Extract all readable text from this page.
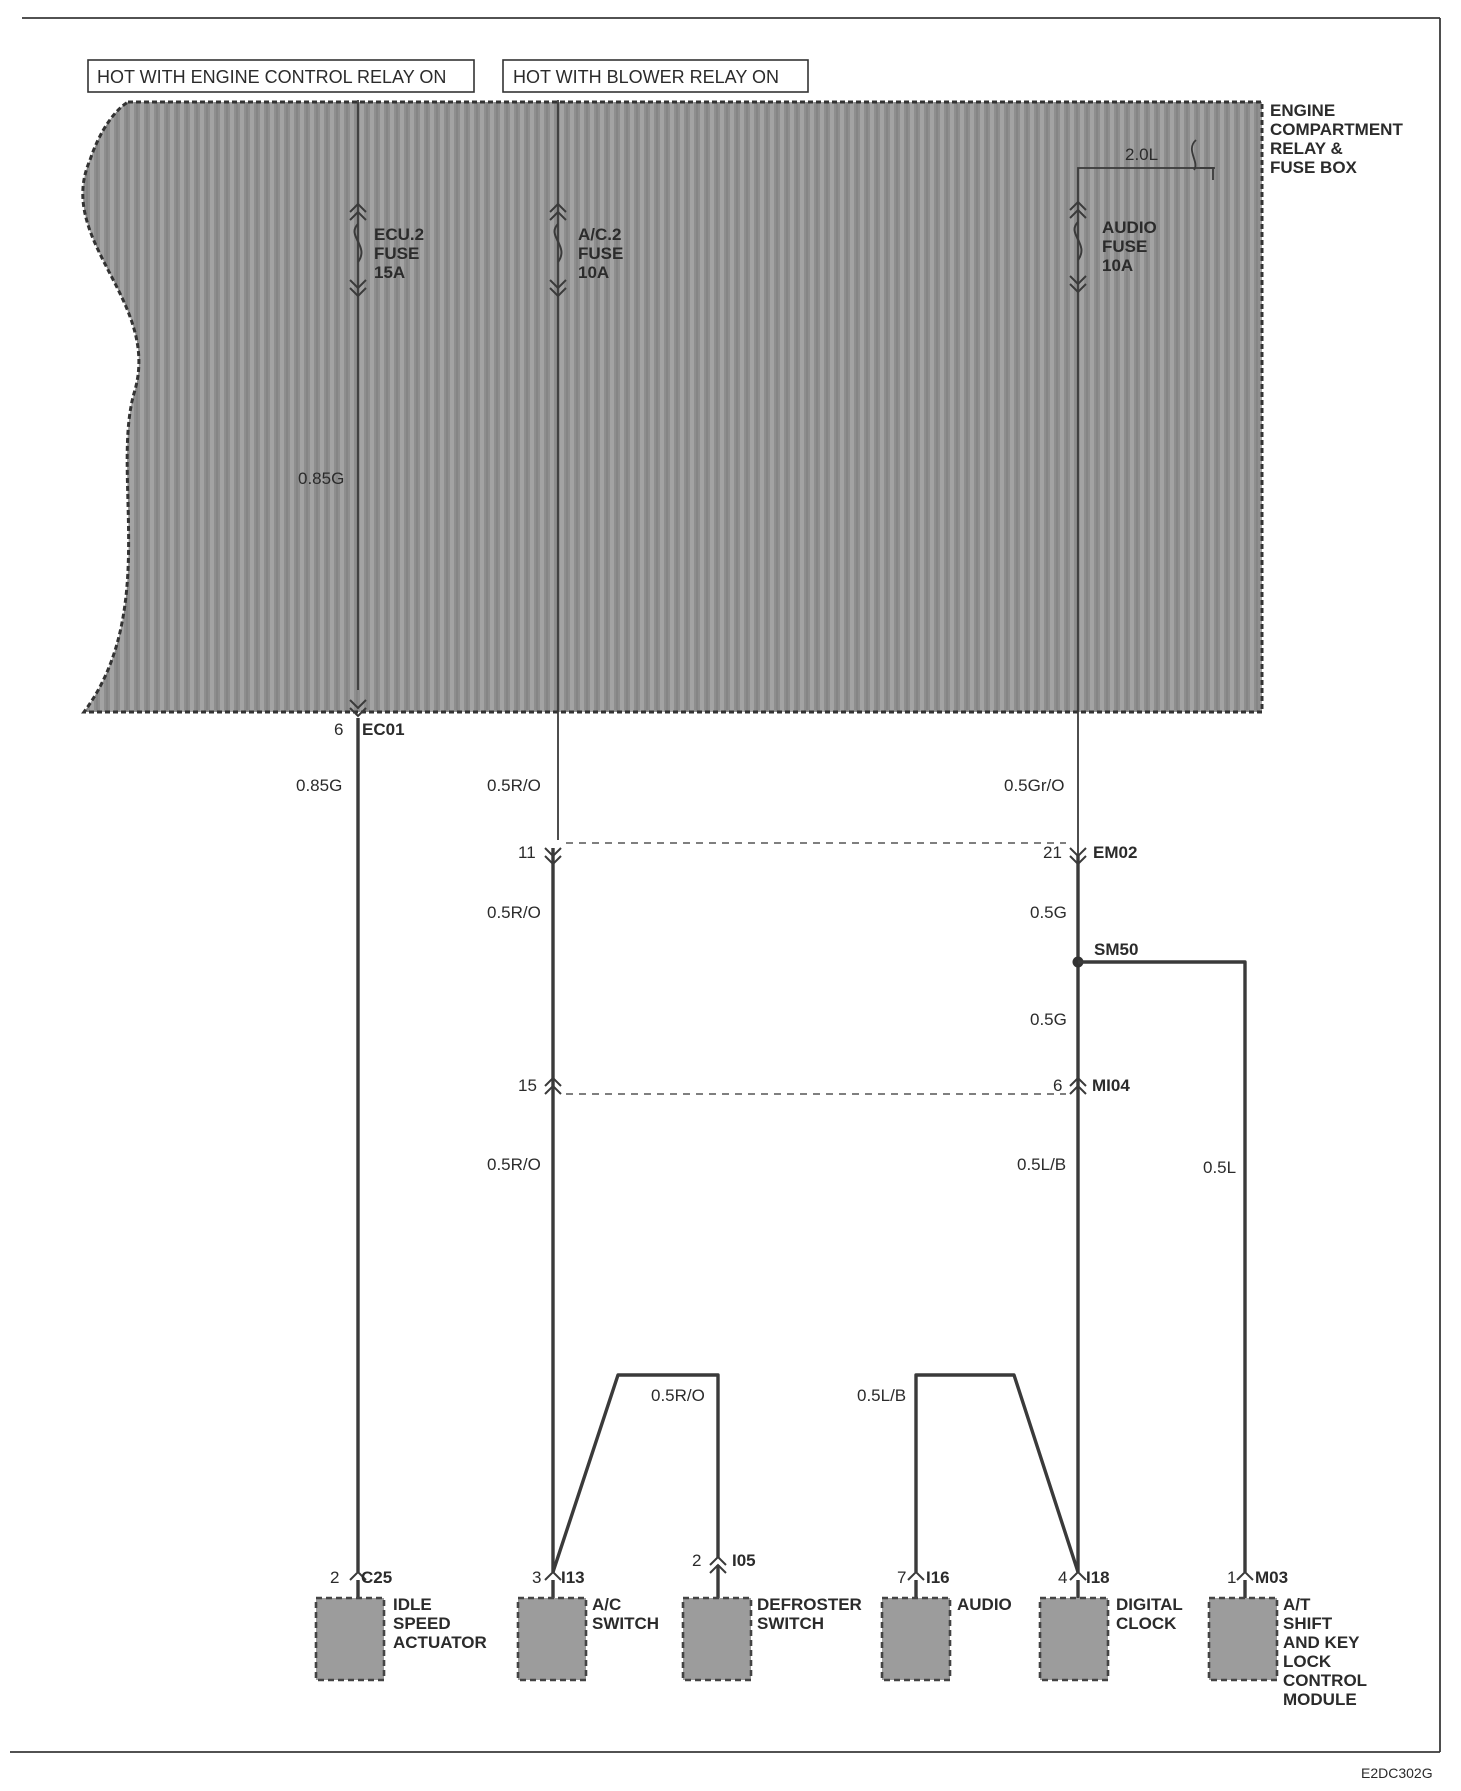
HOT WITH ENGINE CONTROL RELAY ON	HOT WITH BLOWER RELAY ON
ENGINE
COMPARTMENT
RELAY &
FUSE BOX
2.0L
ECU.2
FUSE
15A
A/C.2
FUSE
10A
AUDIO
FUSE
10A
0.85G
6 EC01
0.85G	0.5R/O
0.5R/O
0.5R/O
0.5Gr/O
0.5G
0.5G
0.5L/B
11	21 EM02
SM50
0.5L
15	6 MI04
0.5R/O	0.5L/B
2 C25	3 I13
2 I05
7 I16	4 I18	1 M03
IDLE
SPEED
ACTUATOR
A/C
SWITCH
DEFROSTER
SWITCH
AUDIO	DIGITAL
CLOCK
A/T
SHIFT
AND KEY
LOCK
CONTROL
MODULE
E2DC302G
